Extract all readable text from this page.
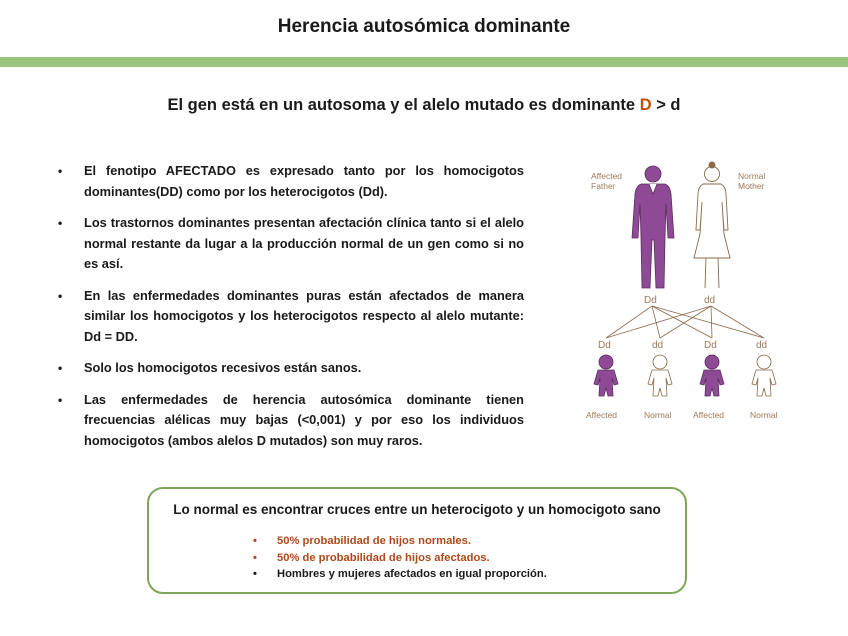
Herencia autosómica dominante
El gen está en un autosoma y el alelo mutado es dominante D > d
• El fenotipo AFECTADO es expresado tanto por los homocigotos dominantes(DD) como por los heterocigotos (Dd).
• Los trastornos dominantes presentan afectación clínica tanto si el alelo normal restante da lugar a la producción normal de un gen como si no es así.
• En las enfermedades dominantes puras están afectados de manera similar los homocigotos y los heterocigotos respecto al alelo mutante: Dd = DD.
• Solo los homocigotos recesivos están sanos.
• Las enfermedades de herencia autosómica dominante tienen frecuencias alélicas muy bajas (<0,001) y por eso los individuos homocigotos (ambos alelos D mutados) son muy raros.
Affected
Father
Normal
Mother
Dd	dd
Dd	dd	Dd	dd
Affected	Normal	Affected	Normal
Lo normal es encontrar cruces entre un heterocigoto y un homocigoto sano
• 50% probabilidad de hijos normales.
• 50% de probabilidad de hijos afectados.
• Hombres y mujeres afectados en igual proporción.
